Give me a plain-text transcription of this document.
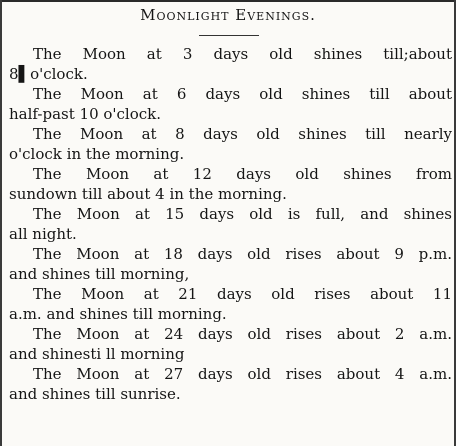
Moonlight Evenings.
The Moon at 3 days old shines till;about
8▌o'clock.
The Moon at 6 days old shines till about
half-past 10 o'clock.
The Moon at 8 days old shines till nearly
o'clock in the morning.
The Moon at 12 days old shines from
sundown till about 4 in the morning.
The Moon at 15 days old is full, and shines
all night.
The Moon at 18 days old rises about 9 p.m.
and shines till morning,
The Moon at 21 days old rises about 11
a.m. and shines till morning.
The Moon at 24 days old rises about 2 a.m.
and shinesti ll morning
The Moon at 27 days old rises about 4 a.m.
and shines till sunrise.
